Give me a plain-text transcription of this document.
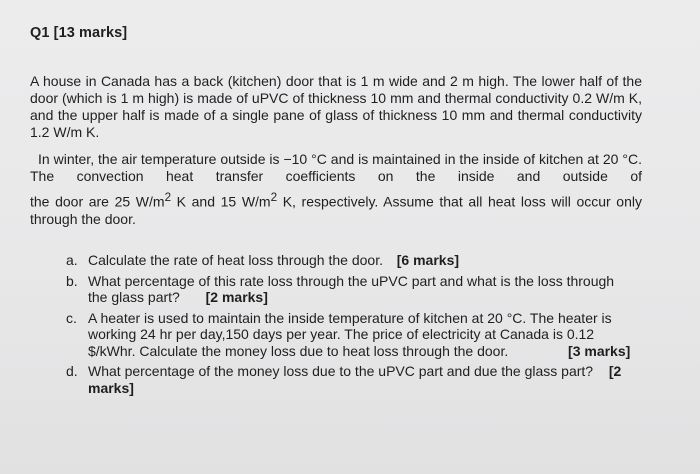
Q1 [13 marks]
A house in Canada has a back (kitchen) door that is 1 m wide and 2 m high. The lower half of the door (which is 1 m high) is made of uPVC of thickness 10 mm and thermal conductivity 0.2 W/m K, and the upper half is made of a single pane of glass of thickness 10 mm and thermal conductivity 1.2 W/m K.
In winter, the air temperature outside is −10 °C and is maintained in the inside of kitchen at 20 °C. The convection heat transfer coefficients on the inside and outside of the door are 25 $W/m^2$ K and 15 $W/m^2$ K, respectively. Assume that all heat loss will occur only through the door.
a. Calculate the rate of heat loss through the door. [6 marks]
b. What percentage of this rate loss through the uPVC part and what is the loss through the glass part? [2 marks]
c. A heater is used to maintain the inside temperature of kitchen at 20 °C. The heater is working 24 hr per day,150 days per year. The price of electricity at Canada is 0.12 $/kWhr. Calculate the money loss due to heat loss through the door.	[3 marks]
d. What percentage of the money loss due to the uPVC part and due the glass part? [2 marks]
